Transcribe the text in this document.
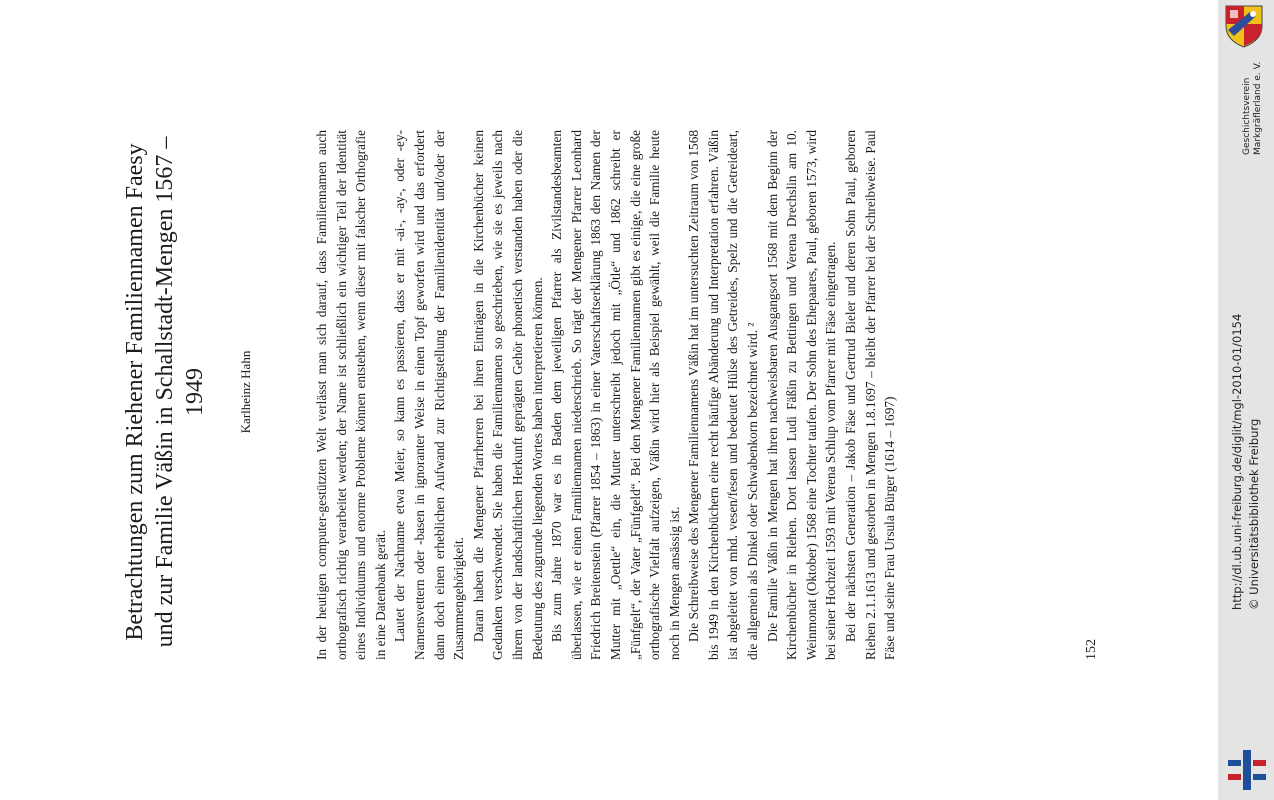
Betrachtungen zum Riehener Familiennamen Faesy und zur Familie Väßin in Schallstadt-Mengen 1567 – 1949 Karlheinz Hahn	In der heutigen computer-gestützten Welt verlässt man sich darauf, dass Familiennamen auch orthografisch richtig verarbeitet werden; der Name ist schließlich ein wichtiger Teil der Identität eines Individuums und enorme Probleme können entstehen, wenn dieser mit falscher Orthografie in eine Datenbank gerät. Lautet der Nachname etwa Meier, so kann es passieren, dass er mit -ai-, -ay-, oder -ey- Namensvettern oder -basen in ignoranter Weise in einen Topf geworfen wird und das erfordert dann doch einen erheblichen Aufwand zur Richtigstellung der Familienidentität und/oder der Zusammengehörigkeit. Daran haben die Mengener Pfarrherren bei ihren Einträgen in die Kirchenbücher keinen Gedanken verschwendet. Sie haben die Familiennamen so geschrieben, wie sie es jeweils nach ihrem von der landschaftlichen Herkunft geprägten Gehör phonetisch verstanden haben oder die Bedeutung des zugrunde liegenden Wortes haben interpretieren können. Bis zum Jahre 1870 war es in Baden dem jeweiligen Pfarrer als Zivilstandesbeamten überlassen, wie er einen Familiennamen niederschrieb. So trägt der Mengener Pfarrer Leonhard Friedrich Breitenstein (Pfarrer 1854 – 1863) in einer Vaterschaftserklärung 1863 den Namen der Mutter mit „Oettle“ ein, die Mutter unterschreibt jedoch mit „Ötle“ und 1862 schreibt er „Fünfgelt“, der Vater „Fünfgeld“. Bei den Mengener Familiennamen gibt es einige, die eine große orthografische Vielfalt aufzeigen, Väßin wird hier als Beispiel gewählt, weil die Familie heute noch in Mengen ansässig ist. Die Schreibweise des Mengener Familiennamens Väßin hat im untersuchten Zeitraum von 1568 bis 1949 in den Kirchenbüchern eine recht häufige Abänderung und Interpretation erfahren. Väßin ist abgeleitet von mhd. vesen/fesen und bedeutet Hülse des Getreides, Spelz und die Getreideart, die allgemein als Dinkel oder Schwabenkorn bezeichnet wird. ² Die Familie Väßin in Mengen hat ihren nachweisbaren Ausgangsort 1568 mit dem Beginn der Kirchenbücher in Riehen. Dort lassen Ludi Fäßin zu Bettingen und Verena Drechslin am 10. Weinmonat (Oktober) 1568 eine Tochter taufen. Der Sohn des Ehepaares, Paul, geboren 1573, wird bei seiner Hochzeit 1593 mit Verena Schlup vom Pfarrer mit Fäse eingetragen. Bei der nächsten Generation – Jakob Fäse und Gertrud Bieler und deren Sohn Paul, geboren Riehen 2.1.1613 und gestorben in Mengen 1.8.1697 – bleibt der Pfarrer bei der Schreibweise. Paul Fäse und seine Frau Ursula Bürger (1614 – 1697)	152
http://dl.ub.uni-freiburg.de/diglit/mgl-2010-01/0154 © Universitätsbibliothek Freiburg
Geschichtsverein Markgräflerland e. V.
